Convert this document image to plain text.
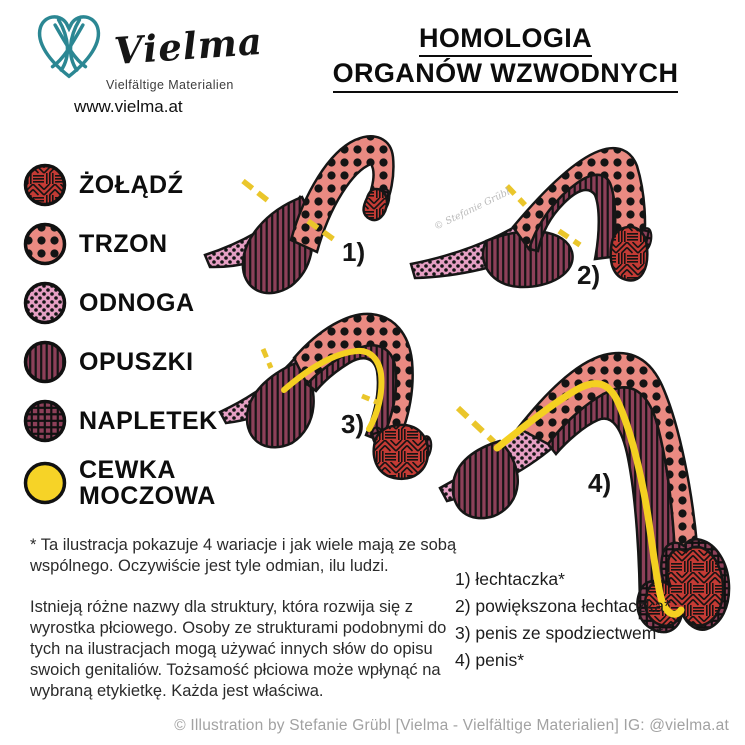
Vielma
Vielfältige Materialien
www.vielma.at
HOMOLOGIA
ORGANÓW WZWODNYCH
ŻOŁĄDŹ
TRZON
ODNOGA
OPUSZKI
NAPLETEK
CEWKA MOCZOWA
1)
© Stefanie Grübl
2)
3)
4)
* Ta ilustracja pokazuje 4 wariacje i jak wiele mają ze sobą wspólnego. Oczywiście jest tyle odmian, ilu ludzi.
Istnieją różne nazwy dla struktury, która rozwija się z wyrostka płciowego. Osoby ze strukturami podobnymi do tych na ilustracjach mogą używać innych słów do opisu swoich genitaliów. Tożsamość płciowa może wpłynąć na wybraną etykietkę. Każda jest właściwa.
1) łechtaczka*
2) powiększona łechtaczka*
3) penis ze spodziectwem*
4) penis*
© Illustration by Stefanie Grübl [Vielma - Vielfältige Materialien] IG: @vielma.at
